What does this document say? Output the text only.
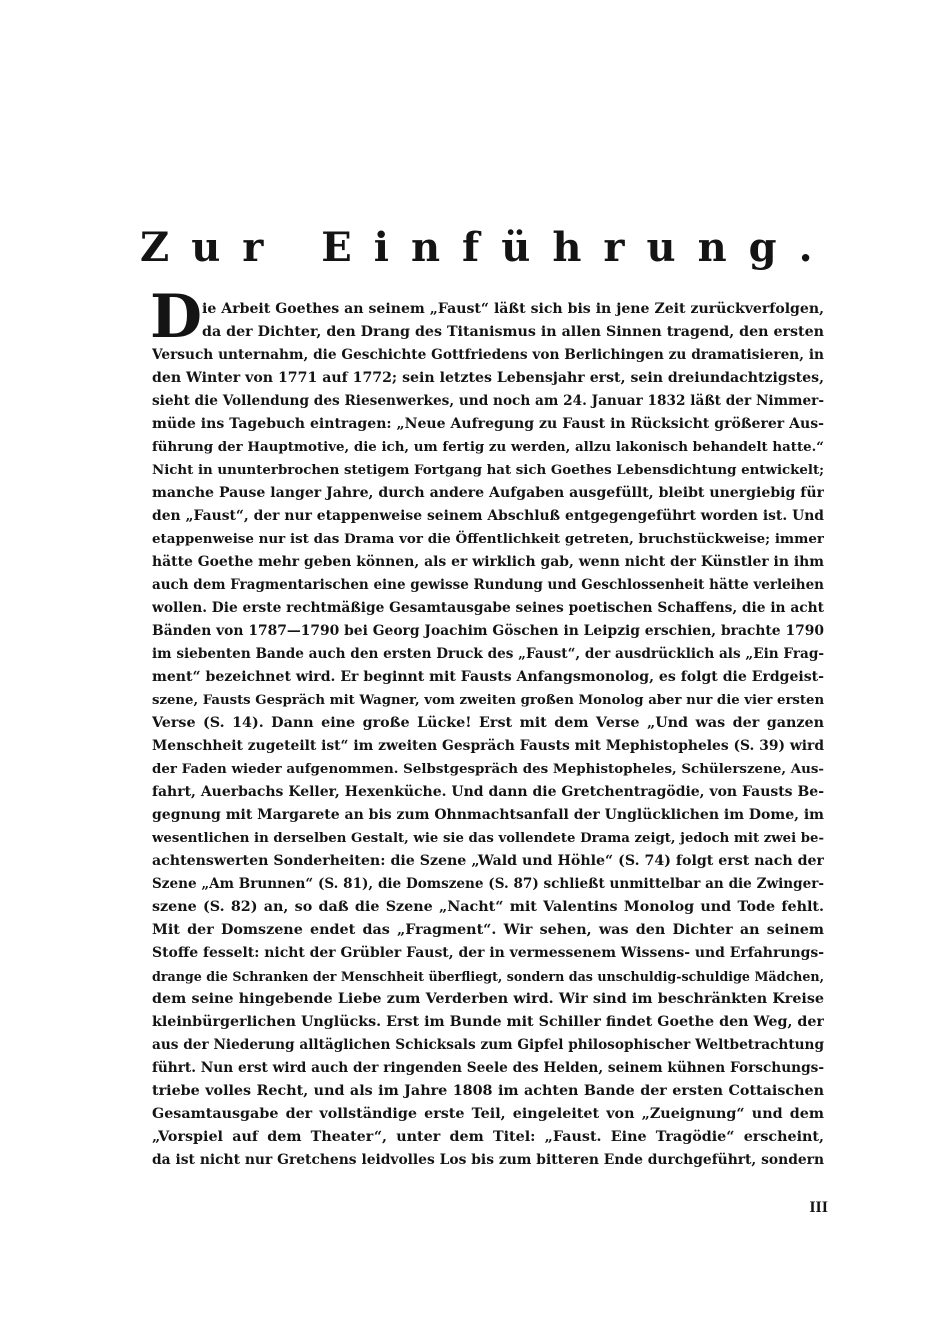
Zur Einführung.
D ie Arbeit Goethes an seinem „Faust“ läßt sich bis in jene Zeit zurückverfolgen,
da der Dichter, den Drang des Titanismus in allen Sinnen tragend, den ersten
Versuch unternahm, die Geschichte Gottfriedens von Berlichingen zu dramatisieren, in
den Winter von 1771 auf 1772; sein letztes Lebensjahr erst, sein dreiundachtzigstes,
sieht die Vollendung des Riesenwerkes, und noch am 24. Januar 1832 läßt der Nimmer-
müde ins Tagebuch eintragen: „Neue Aufregung zu Faust in Rücksicht größerer Aus-
führung der Hauptmotive, die ich, um fertig zu werden, allzu lakonisch behandelt hatte.“
Nicht in ununterbrochen stetigem Fortgang hat sich Goethes Lebensdichtung entwickelt;
manche Pause langer Jahre, durch andere Aufgaben ausgefüllt, bleibt unergiebig für
den „Faust“, der nur etappenweise seinem Abschluß entgegengeführt worden ist. Und
etappenweise nur ist das Drama vor die Öffentlichkeit getreten, bruchstückweise; immer
hätte Goethe mehr geben können, als er wirklich gab, wenn nicht der Künstler in ihm
auch dem Fragmentarischen eine gewisse Rundung und Geschlossenheit hätte verleihen
wollen. Die erste rechtmäßige Gesamtausgabe seines poetischen Schaffens, die in acht
Bänden von 1787—1790 bei Georg Joachim Göschen in Leipzig erschien, brachte 1790
im siebenten Bande auch den ersten Druck des „Faust“, der ausdrücklich als „Ein Frag-
ment“ bezeichnet wird. Er beginnt mit Fausts Anfangsmonolog, es folgt die Erdgeist-
szene, Fausts Gespräch mit Wagner, vom zweiten großen Monolog aber nur die vier ersten
Verse (S. 14). Dann eine große Lücke! Erst mit dem Verse „Und was der ganzen
Menschheit zugeteilt ist“ im zweiten Gespräch Fausts mit Mephistopheles (S. 39) wird
der Faden wieder aufgenommen. Selbstgespräch des Mephistopheles, Schülerszene, Aus-
fahrt, Auerbachs Keller, Hexenküche. Und dann die Gretchentragödie, von Fausts Be-
gegnung mit Margarete an bis zum Ohnmachtsanfall der Unglücklichen im Dome, im
wesentlichen in derselben Gestalt, wie sie das vollendete Drama zeigt, jedoch mit zwei be-
achtenswerten Sonderheiten: die Szene „Wald und Höhle“ (S. 74) folgt erst nach der
Szene „Am Brunnen“ (S. 81), die Domszene (S. 87) schließt unmittelbar an die Zwinger-
szene (S. 82) an, so daß die Szene „Nacht“ mit Valentins Monolog und Tode fehlt.
Mit der Domszene endet das „Fragment“. Wir sehen, was den Dichter an seinem
Stoffe fesselt: nicht der Grübler Faust, der in vermessenem Wissens- und Erfahrungs-
drange die Schranken der Menschheit überfliegt, sondern das unschuldig-schuldige Mädchen,
dem seine hingebende Liebe zum Verderben wird. Wir sind im beschränkten Kreise
kleinbürgerlichen Unglücks. Erst im Bunde mit Schiller findet Goethe den Weg, der
aus der Niederung alltäglichen Schicksals zum Gipfel philosophischer Weltbetrachtung
führt. Nun erst wird auch der ringenden Seele des Helden, seinem kühnen Forschungs-
triebe volles Recht, und als im Jahre 1808 im achten Bande der ersten Cottaischen
Gesamtausgabe der vollständige erste Teil, eingeleitet von „Zueignung“ und dem
„Vorspiel auf dem Theater“, unter dem Titel: „Faust. Eine Tragödie“ erscheint,
da ist nicht nur Gretchens leidvolles Los bis zum bitteren Ende durchgeführt, sondern
III
